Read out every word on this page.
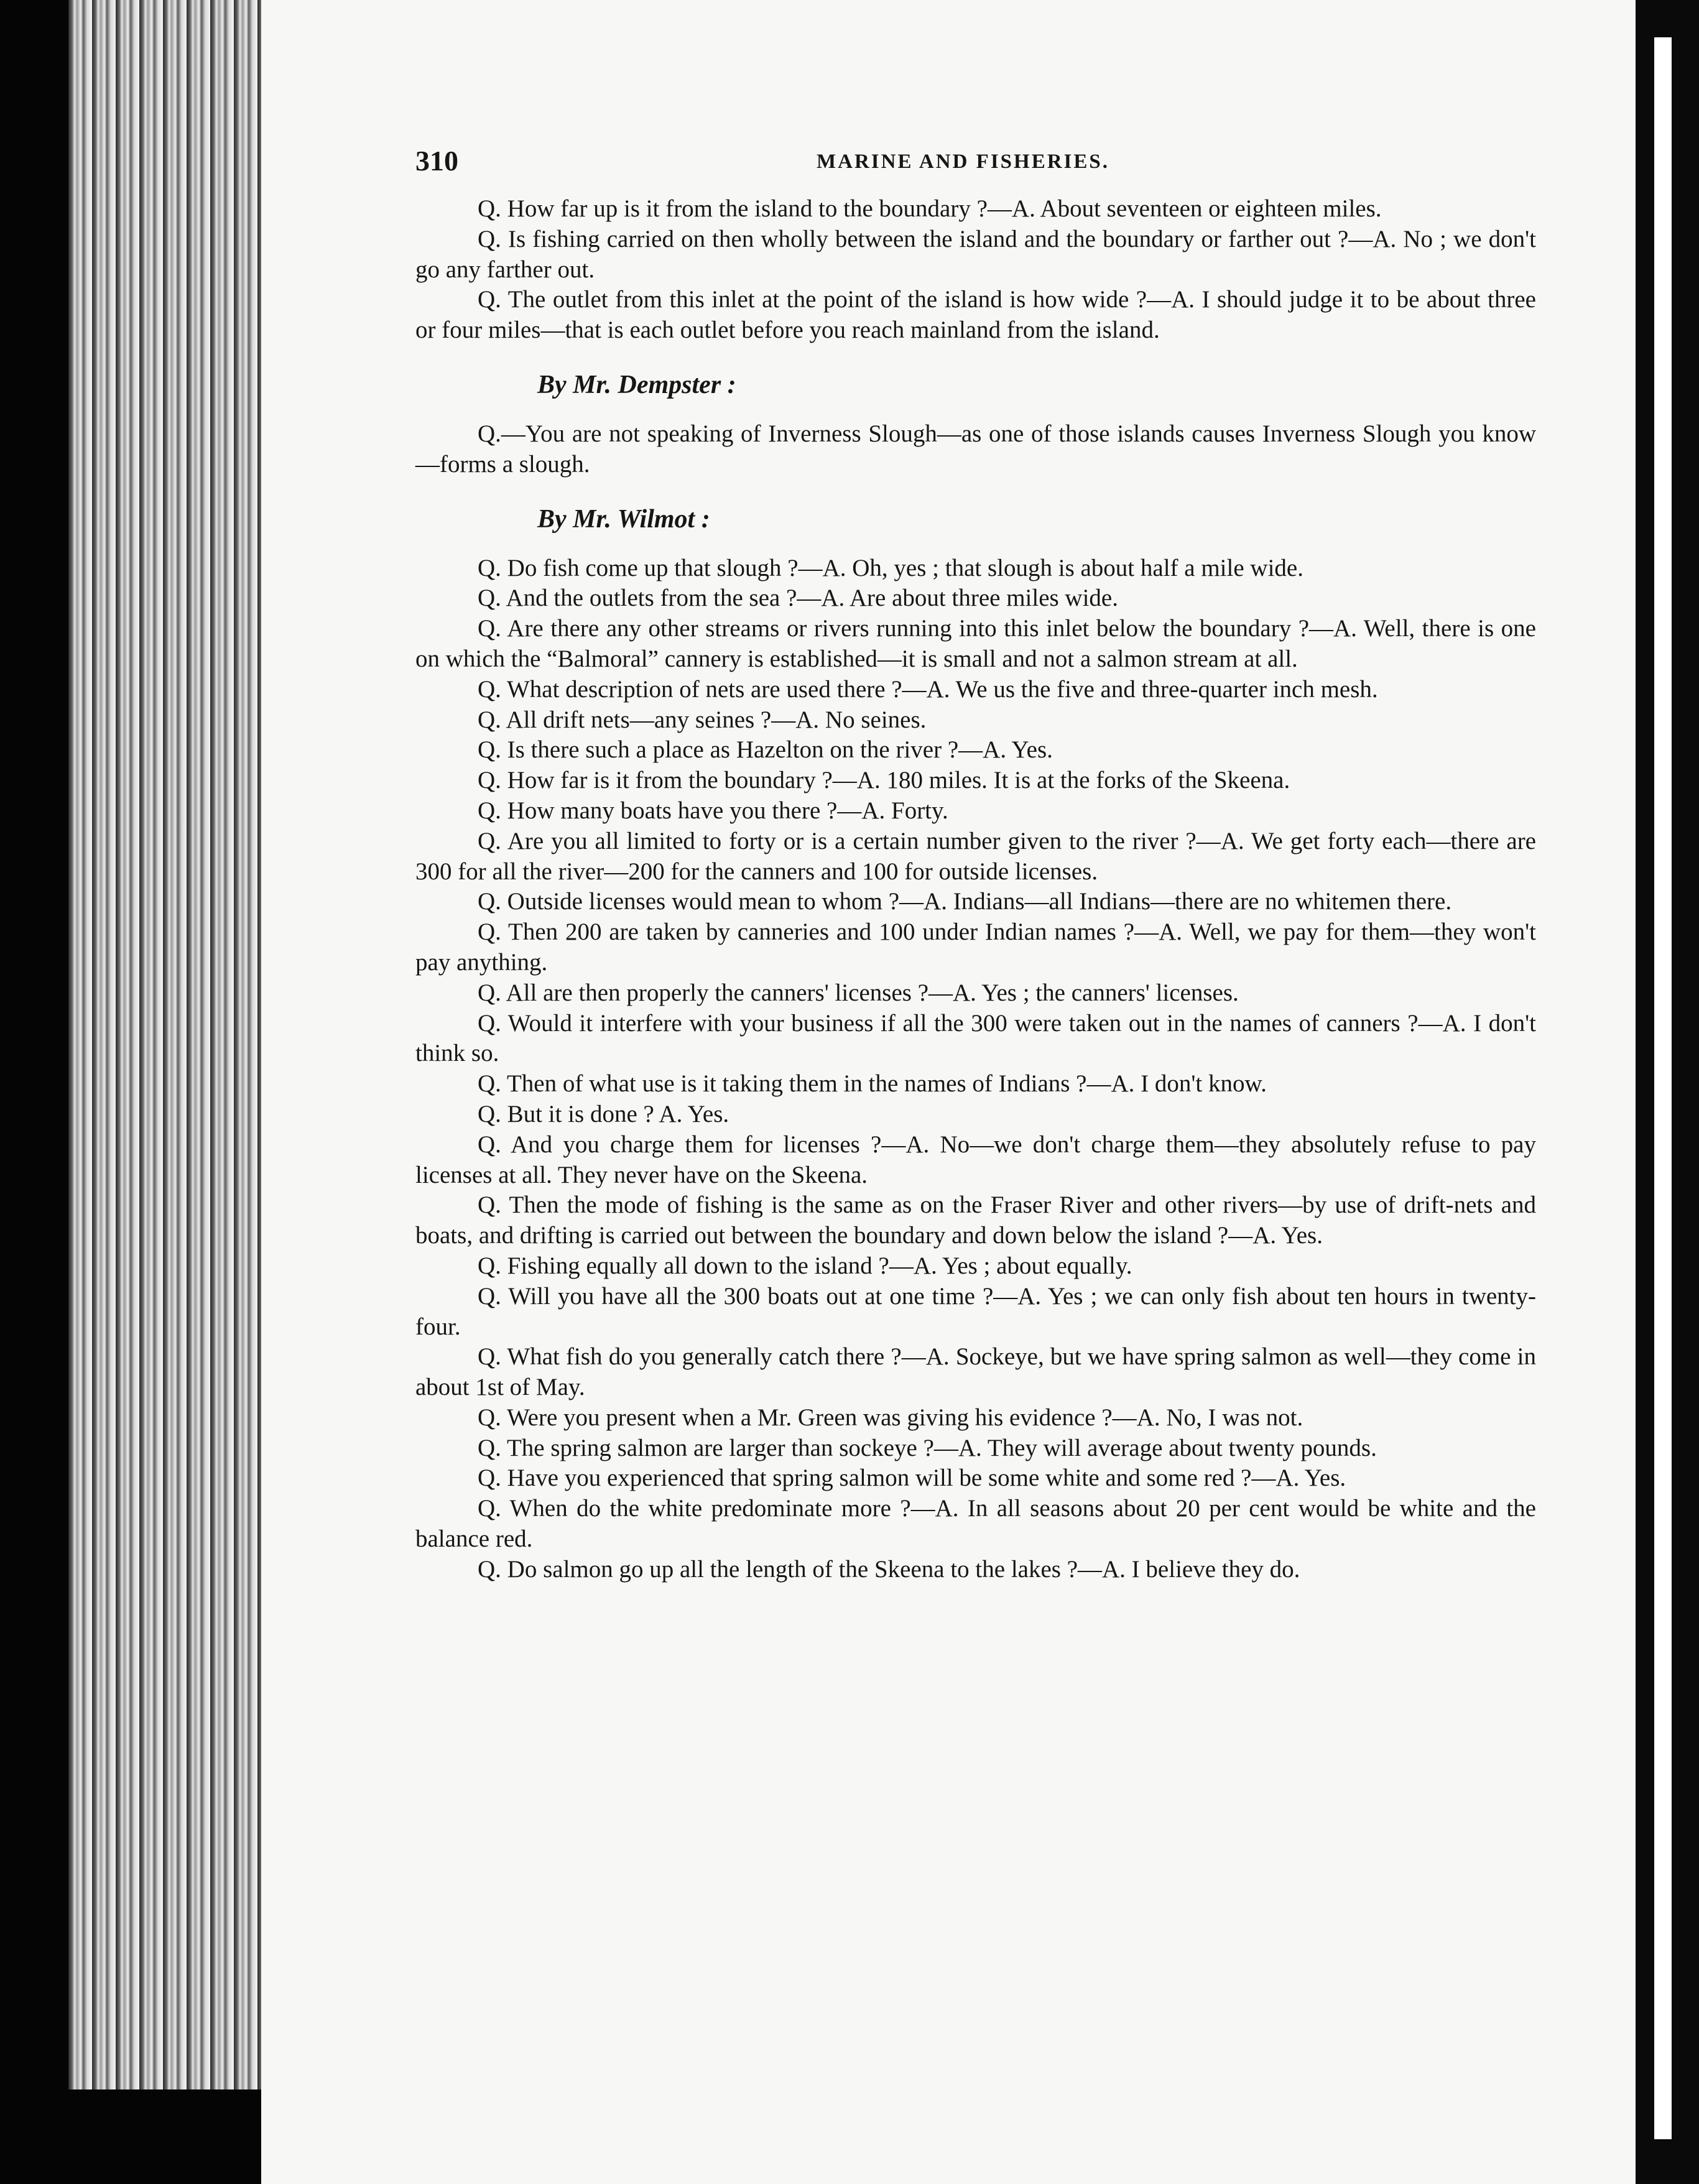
310	MARINE AND FISHERIES.

Q. How far up is it from the island to the boundary ?—A. About seventeen or eighteen miles.

Q. Is fishing carried on then wholly between the island and the boundary or farther out ?—A. No ; we don't go any farther out.

Q. The outlet from this inlet at the point of the island is how wide ?—A. I should judge it to be about three or four miles—that is each outlet before you reach mainland from the island.

By Mr. Dempster :

Q.—You are not speaking of Inverness Slough—as one of those islands causes Inverness Slough you know—forms a slough.

By Mr. Wilmot :

Q. Do fish come up that slough ?—A. Oh, yes ; that slough is about half a mile wide.

Q. And the outlets from the sea ?—A. Are about three miles wide.

Q. Are there any other streams or rivers running into this inlet below the boundary ?—A. Well, there is one on which the “Balmoral” cannery is established—it is small and not a salmon stream at all.

Q. What description of nets are used there ?—A. We us the five and three-quarter inch mesh.

Q. All drift nets—any seines ?—A. No seines.

Q. Is there such a place as Hazelton on the river ?—A. Yes.

Q. How far is it from the boundary ?—A. 180 miles. It is at the forks of the Skeena.

Q. How many boats have you there ?—A. Forty.

Q. Are you all limited to forty or is a certain number given to the river ?—A. We get forty each—there are 300 for all the river—200 for the canners and 100 for outside licenses.

Q. Outside licenses would mean to whom ?—A. Indians—all Indians—there are no whitemen there.

Q. Then 200 are taken by canneries and 100 under Indian names ?—A. Well, we pay for them—they won't pay anything.

Q. All are then properly the canners' licenses ?—A. Yes ; the canners' licenses.

Q. Would it interfere with your business if all the 300 were taken out in the names of canners ?—A. I don't think so.

Q. Then of what use is it taking them in the names of Indians ?—A. I don't know.

Q. But it is done ? A. Yes.

Q. And you charge them for licenses ?—A. No—we don't charge them—they absolutely refuse to pay licenses at all. They never have on the Skeena.

Q. Then the mode of fishing is the same as on the Fraser River and other rivers—by use of drift-nets and boats, and drifting is carried out between the boundary and down below the island ?—A. Yes.

Q. Fishing equally all down to the island ?—A. Yes ; about equally.

Q. Will you have all the 300 boats out at one time ?—A. Yes ; we can only fish about ten hours in twenty-four.

Q. What fish do you generally catch there ?—A. Sockeye, but we have spring salmon as well—they come in about 1st of May.

Q. Were you present when a Mr. Green was giving his evidence ?—A. No, I was not.

Q. The spring salmon are larger than sockeye ?—A. They will average about twenty pounds.

Q. Have you experienced that spring salmon will be some white and some red ?—A. Yes.

Q. When do the white predominate more ?—A. In all seasons about 20 per cent would be white and the balance red.

Q. Do salmon go up all the length of the Skeena to the lakes ?—A. I believe they do.
